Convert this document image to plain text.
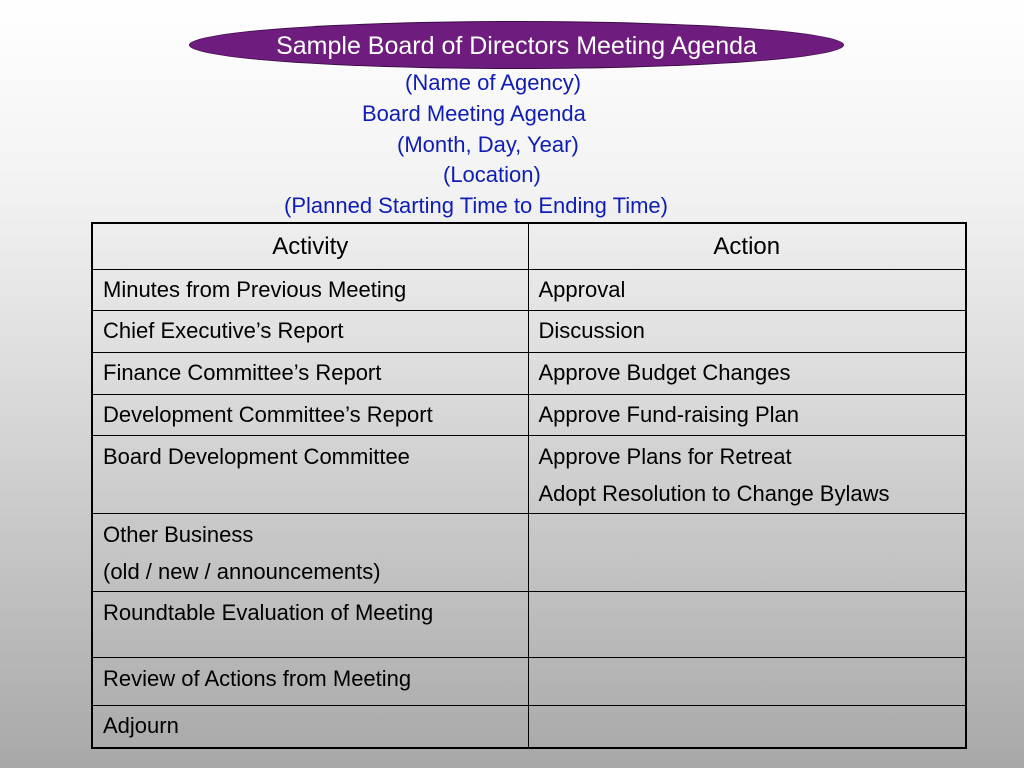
Sample Board of Directors Meeting Agenda
(Name of Agency)
Board Meeting Agenda
(Month, Day, Year)
(Location)
(Planned Starting Time to Ending Time)
Activity	Action

Minutes from Previous Meeting	Approval

Chief Executive’s Report	Discussion

Finance Committee’s Report	Approve Budget Changes

Development Committee’s Report	Approve Fund-raising Plan

Board Development Committee	Approve Plans for Retreat
Adopt Resolution to Change Bylaws

Other Business
(old / new / announcements)	

Roundtable Evaluation of Meeting	

Review of Actions from Meeting	

Adjourn	
